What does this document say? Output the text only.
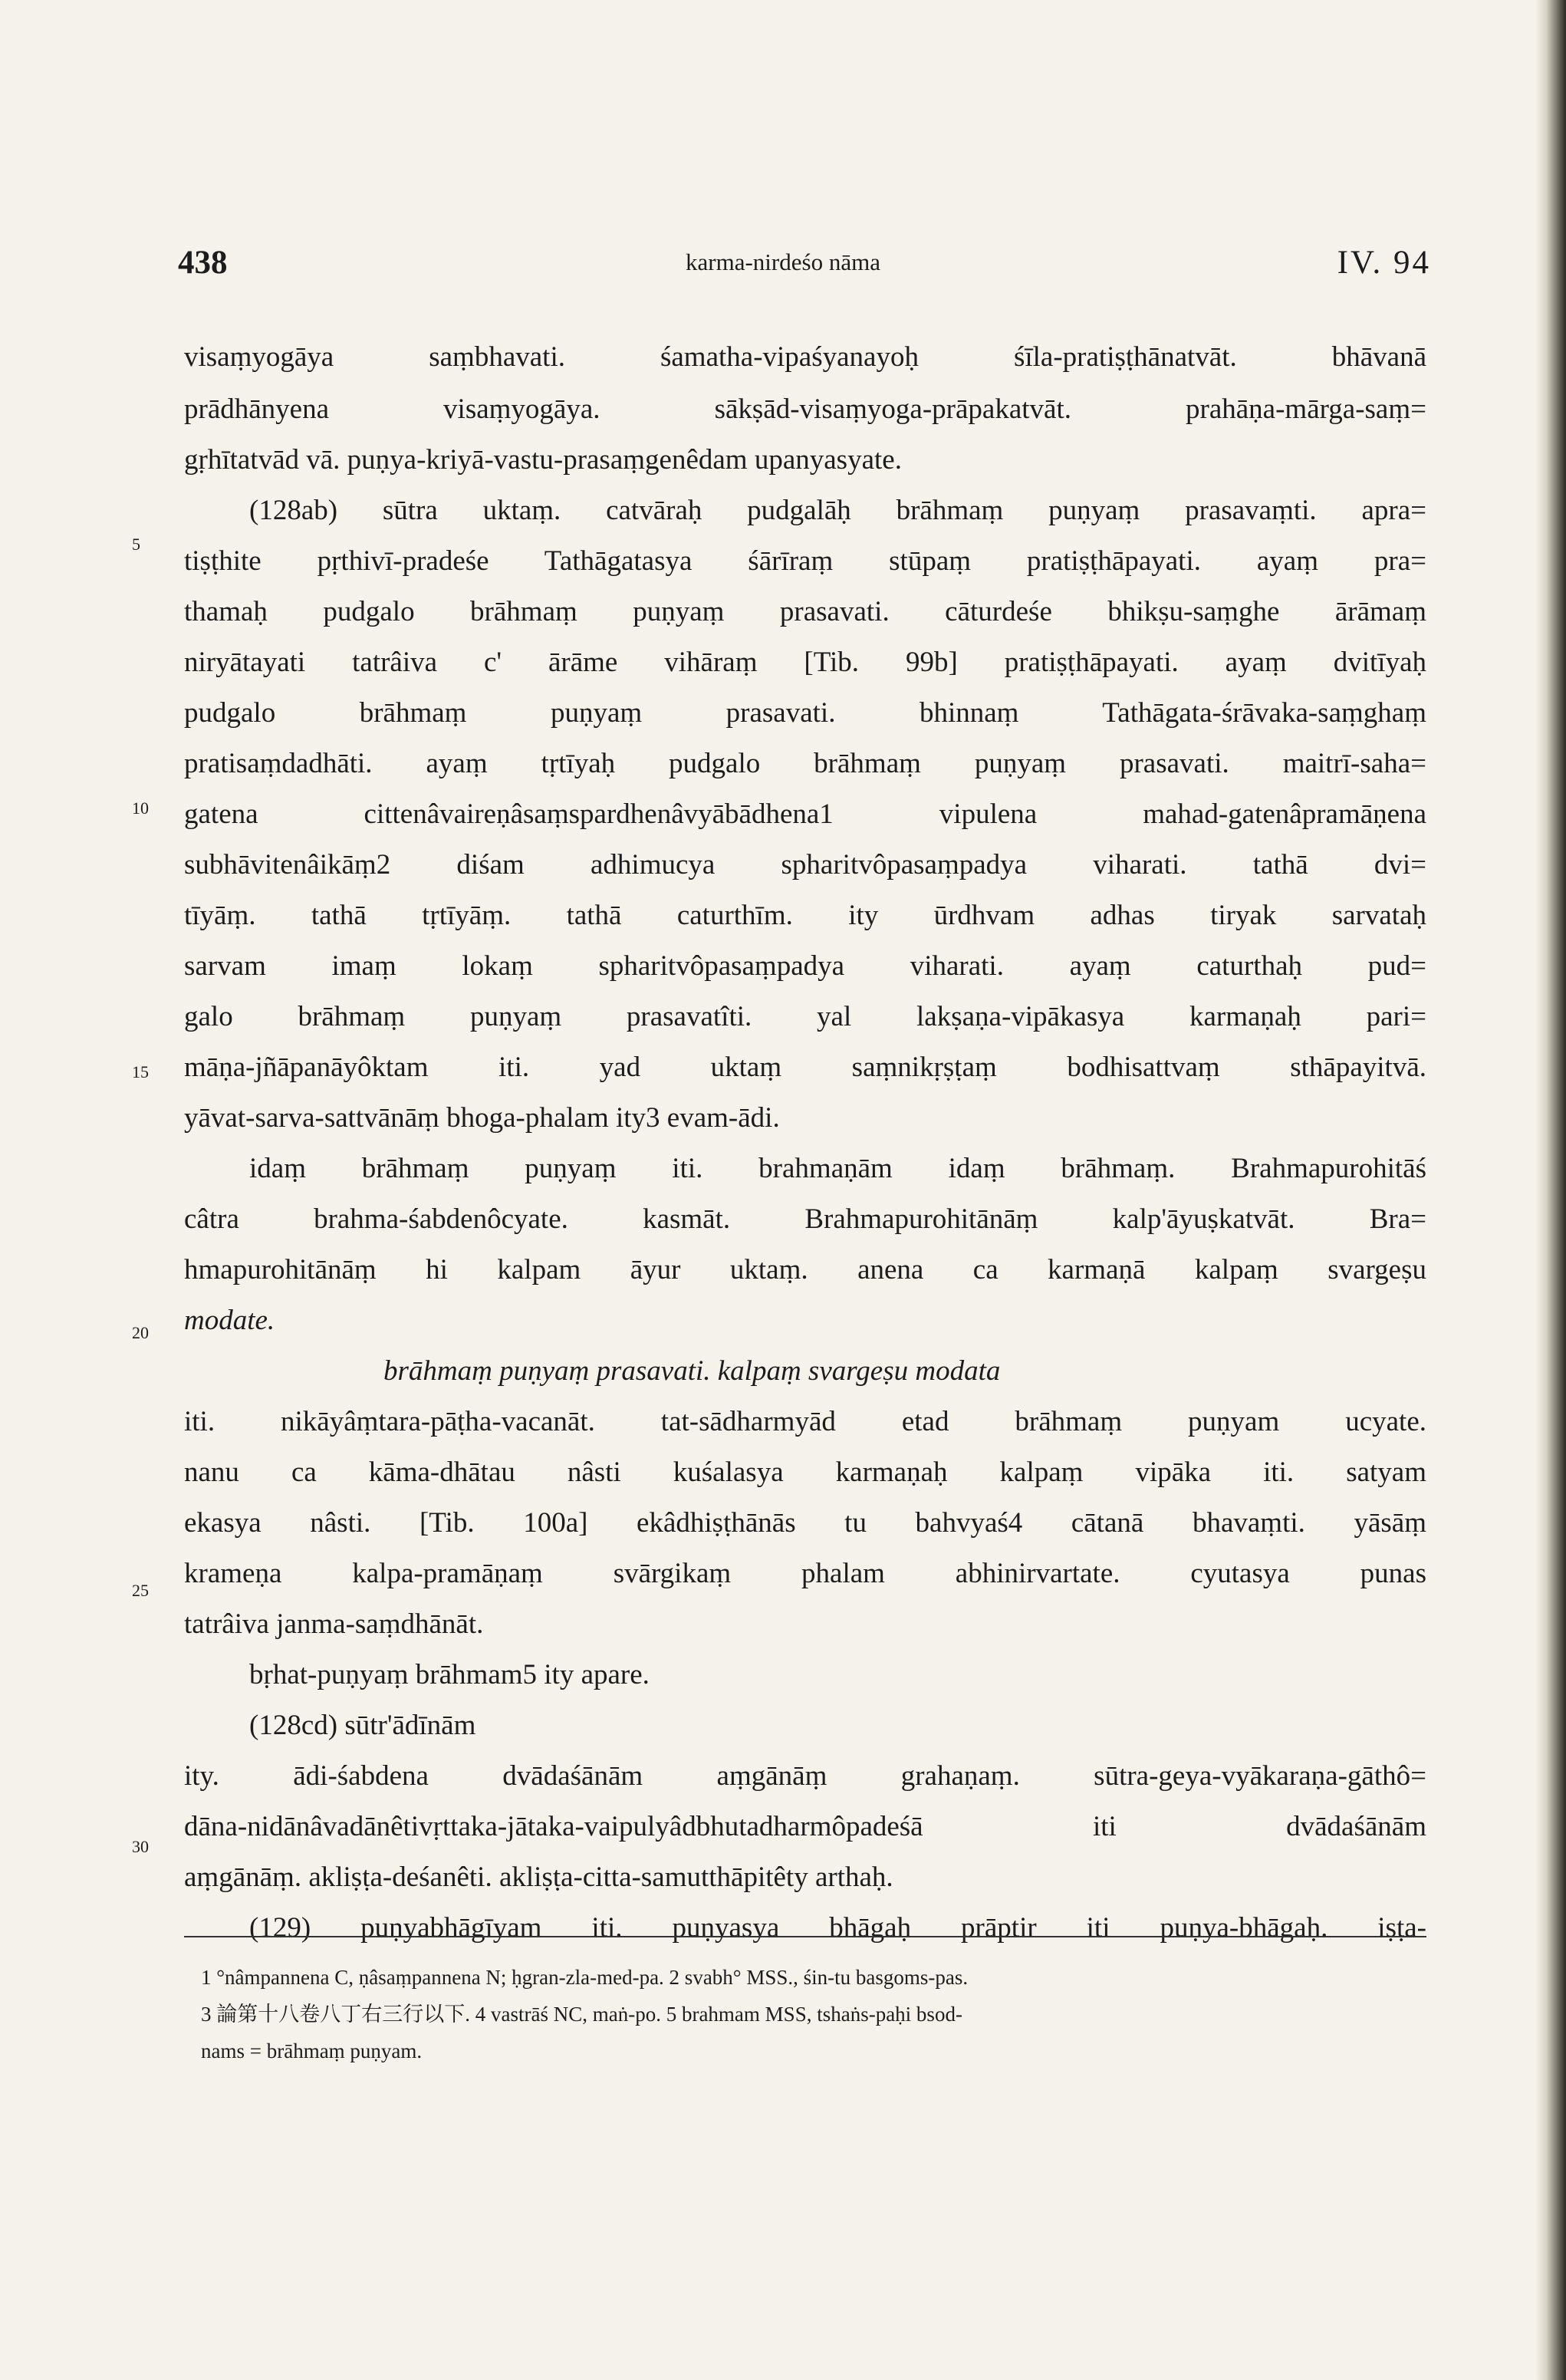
438	karma-nirdeśo nāma	IV. 94
5
10
15
20
25
30
visaṃyogāya saṃbhavati. śamatha-vipaśyanayoḥ śīla-pratiṣṭhānatvāt. bhāvanā
prādhānyena visaṃyogāya. sākṣād-visaṃyoga-prāpakatvāt. prahāṇa-mārga-saṃ=
gṛhītatvād vā. puṇya-kriyā-vastu-prasaṃgenêdam upanyasyate.
(128ab) sūtra uktaṃ. catvāraḥ pudgalāḥ brāhmaṃ puṇyaṃ prasavaṃti. apra=
tiṣṭhite pṛthivī-pradeśe Tathāgatasya śārīraṃ stūpaṃ pratiṣṭhāpayati. ayaṃ pra=
thamaḥ pudgalo brāhmaṃ puṇyaṃ prasavati. cāturdeśe bhikṣu-saṃghe ārāmaṃ
niryātayati tatrâiva c' ārāme vihāraṃ [Tib. 99b] pratiṣṭhāpayati. ayaṃ dvitīyaḥ
pudgalo brāhmaṃ puṇyaṃ prasavati. bhinnaṃ Tathāgata-śrāvaka-saṃghaṃ
pratisaṃdadhāti. ayaṃ tṛtīyaḥ pudgalo brāhmaṃ puṇyaṃ prasavati. maitrī-saha=
gatena cittenâvaireṇâsaṃspardhenâvyābādhena1 vipulena mahad-gatenâpramāṇena
subhāvitenâikāṃ2 diśam adhimucya spharitvôpasaṃpadya viharati. tathā dvi=
tīyāṃ. tathā tṛtīyāṃ. tathā caturthīm. ity ūrdhvam adhas tiryak sarvataḥ
sarvam imaṃ lokaṃ spharitvôpasaṃpadya viharati. ayaṃ caturthaḥ pud=
galo brāhmaṃ puṇyaṃ prasavatîti. yal lakṣaṇa-vipākasya karmaṇaḥ pari=
māṇa-jñāpanāyôktam iti. yad uktaṃ saṃnikṛṣṭaṃ bodhisattvaṃ sthāpayitvā.
yāvat-sarva-sattvānāṃ bhoga-phalam ity3 evam-ādi.
idaṃ brāhmaṃ puṇyaṃ iti. brahmaṇām idaṃ brāhmaṃ. Brahmapurohitāś
câtra brahma-śabdenôcyate. kasmāt. Brahmapurohitānāṃ kalp'āyuṣkatvāt. Bra=
hmapurohitānāṃ hi kalpam āyur uktaṃ. anena ca karmaṇā kalpaṃ svargeṣu
modate.
brāhmaṃ puṇyaṃ prasavati. kalpaṃ svargeṣu modata
iti. nikāyâṃtara-pāṭha-vacanāt. tat-sādharmyād etad brāhmaṃ puṇyam ucyate.
nanu ca kāma-dhātau nâsti kuśalasya karmaṇaḥ kalpaṃ vipāka iti. satyam
ekasya nâsti. [Tib. 100a] ekâdhiṣṭhānās tu bahvyaś4 cātanā bhavaṃti. yāsāṃ
krameṇa kalpa-pramāṇaṃ svārgikaṃ phalam abhinirvartate. cyutasya punas
tatrâiva janma-saṃdhānāt.
bṛhat-puṇyaṃ brāhmam5 ity apare.
(128cd) sūtr'ādīnām
ity. ādi-śabdena dvādaśānām aṃgānāṃ grahaṇaṃ. sūtra-geya-vyākaraṇa-gāthô=
dāna-nidānâvadānêtivṛttaka-jātaka-vaipulyâdbhutadharmôpadeśā iti dvādaśānām
aṃgānāṃ. akliṣṭa-deśanêti. akliṣṭa-citta-samutthāpitêty arthaḥ.
(129) puṇyabhāgīyam iti. puṇyasya bhāgaḥ prāptir iti puṇya-bhāgaḥ. iṣṭa-
1 °nâmpannena C, ṇâsaṃpannena N; ḥgran-zla-med-pa. 2 svabh° MSS., śin-tu basgoms-pas.
3 論第十八卷八丁右三行以下. 4 vastrāś NC, maṅ-po. 5 brahmam MSS, tshaṅs-paḥi bsod-
nams = brāhmaṃ puṇyam.
